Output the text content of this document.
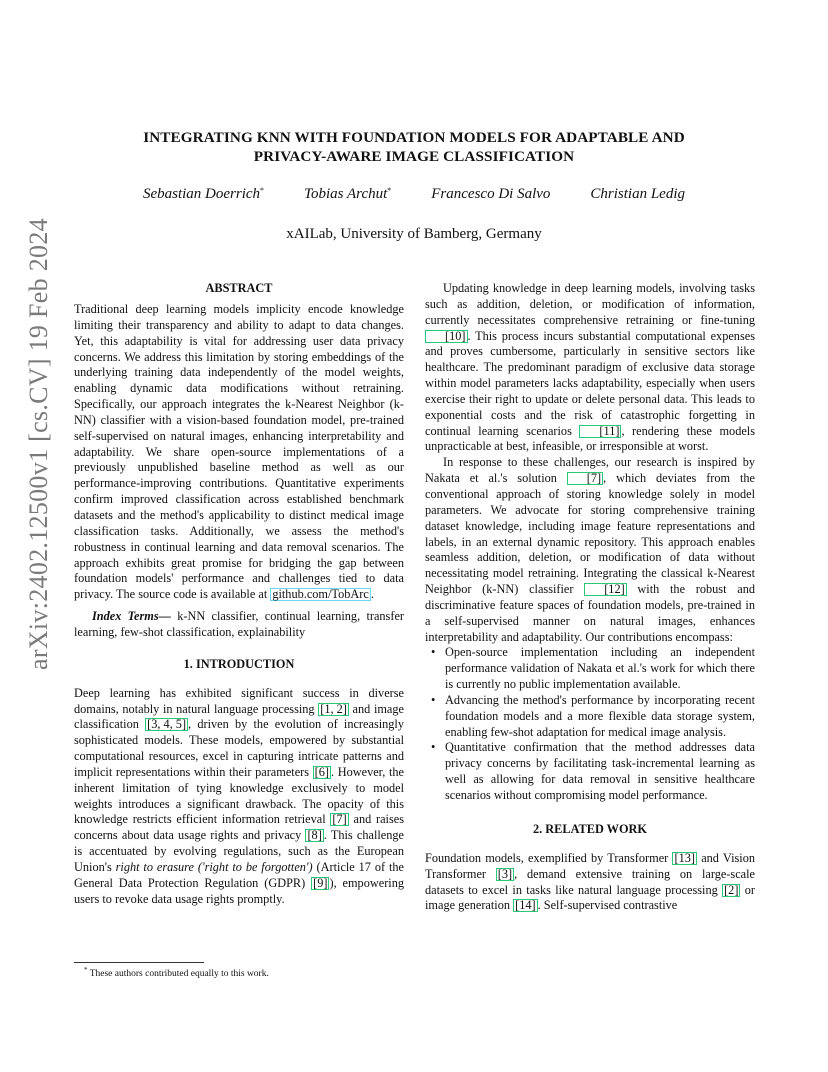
arXiv:2402.12500v1 [cs.CV] 19 Feb 2024
INTEGRATING KNN WITH FOUNDATION MODELS FOR ADAPTABLE AND
PRIVACY-AWARE IMAGE CLASSIFICATION
Sebastian Doerrich*	Tobias Archut*	Francesco Di Salvo	Christian Ledig
xAILab, University of Bamberg, Germany
ABSTRACT

Traditional deep learning models implicity encode knowledge limiting their transparency and ability to adapt to data changes. Yet, this adaptability is vital for addressing user data privacy concerns. We address this limitation by storing embeddings of the underlying training data independently of the model weights, enabling dynamic data modifications without retraining. Specifically, our approach integrates the k-Nearest Neighbor (k-NN) classifier with a vision-based foundation model, pre-trained self-supervised on natural images, enhancing interpretability and adaptability. We share open-source implementations of a previously unpublished baseline method as well as our performance-improving contributions. Quantitative experiments confirm improved classification across established benchmark datasets and the method's applicability to distinct medical image classification tasks. Additionally, we assess the method's robustness in continual learning and data removal scenarios. The approach exhibits great promise for bridging the gap between foundation models' performance and challenges tied to data privacy. The source code is available at github.com/TobArc .

Index Terms— k-NN classifier, continual learning, transfer learning, few-shot classification, explainability

1. INTRODUCTION

Deep learning has exhibited significant success in diverse domains, notably in natural language processing [1, 2] and image classification [3, 4, 5] , driven by the evolution of increasingly sophisticated models. These models, empowered by substantial computational resources, excel in capturing intricate patterns and implicit representations within their parameters [6] . However, the inherent limitation of tying knowledge exclusively to model weights introduces a significant drawback. The opacity of this knowledge restricts efficient information retrieval [7] and raises concerns about data usage rights and privacy [8] . This challenge is accentuated by evolving regulations, such as the European Union's right to erasure ('right to be forgotten') (Article 17 of the General Data Protection Regulation (GDPR) [9] ), empowering users to revoke data usage rights promptly.

Updating knowledge in deep learning models, involving tasks such as addition, deletion, or modification of information, currently necessitates comprehensive retraining or fine-tuning [10] . This process incurs substantial computational expenses and proves cumbersome, particularly in sensitive sectors like healthcare. The predominant paradigm of exclusive data storage within model parameters lacks adaptability, especially when users exercise their right to update or delete personal data. This leads to exponential costs and the risk of catastrophic forgetting in continual learning scenarios [11] , rendering these models unpracticable at best, infeasible, or irresponsible at worst.

In response to these challenges, our research is inspired by Nakata et al.'s solution [7] , which deviates from the conventional approach of storing knowledge solely in model parameters. We advocate for storing comprehensive training dataset knowledge, including image feature representations and labels, in an external dynamic repository. This approach enables seamless addition, deletion, or modification of data without necessitating model retraining. Integrating the classical k-Nearest Neighbor (k-NN) classifier [12] with the robust and discriminative feature spaces of foundation models, pre-trained in a self-supervised manner on natural images, enhances interpretability and adaptability. Our contributions encompass:

• Open-source implementation including an independent performance validation of Nakata et al.'s work for which there is currently no public implementation available.
• Advancing the method's performance by incorporating recent foundation models and a more flexible data storage system, enabling few-shot adaptation for medical image analysis.
• Quantitative confirmation that the method addresses data privacy concerns by facilitating task-incremental learning as well as allowing for data removal in sensitive healthcare scenarios without compromising model performance.
2. RELATED WORK

Foundation models, exemplified by Transformer [13] and Vision Transformer [3] , demand extensive training on large-scale datasets to excel in tasks like natural language processing [2] or image generation [14] . Self-supervised contrastive

* These authors contributed equally to this work.
